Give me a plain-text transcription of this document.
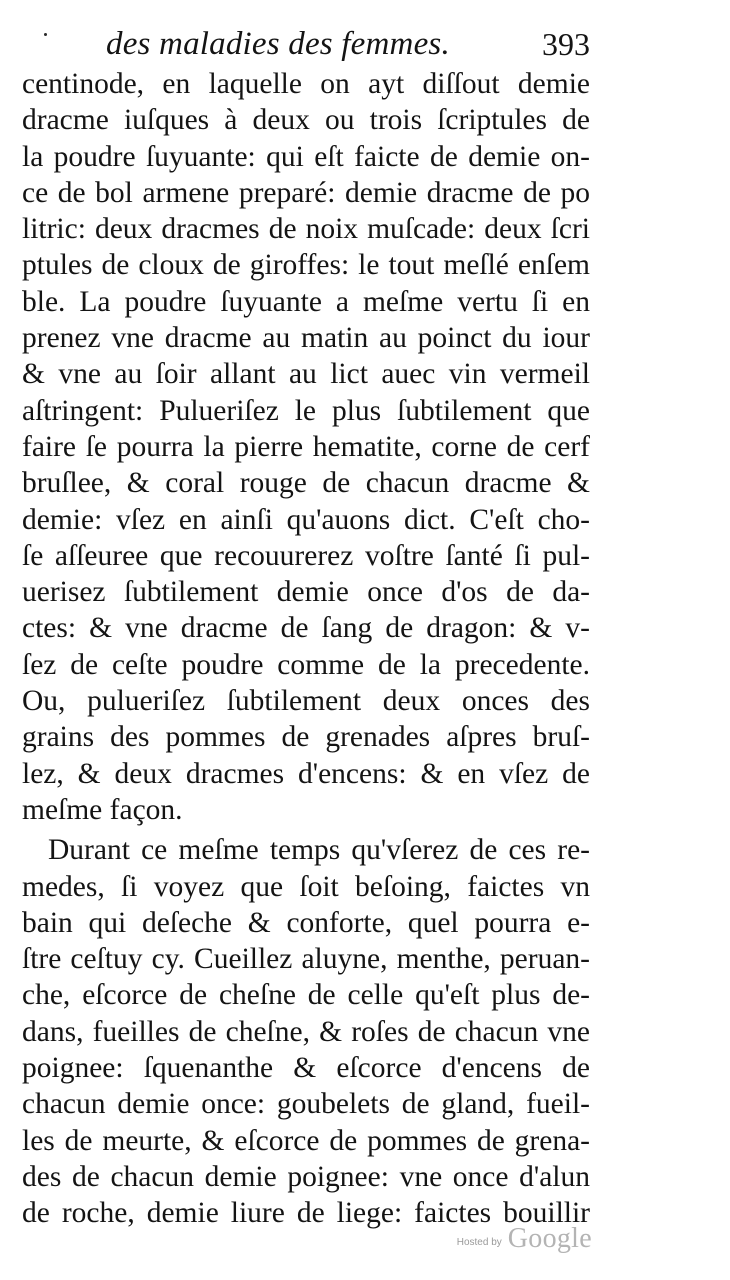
des maladies des femmes.	393
centinode, en laquelle on ayt diſſout demie
dracme iuſques à deux ou trois ſcriptules de
la poudre ſuyuante: qui eſt faicte de demie on-
ce de bol armene preparé: demie dracme de po
litric: deux dracmes de noix muſcade: deux ſcri
ptules de cloux de giroffes: le tout meſlé enſem
ble. La poudre ſuyuante a meſme vertu ſi en
prenez vne dracme au matin au poinct du iour
& vne au ſoir allant au lict auec vin vermeil
aſtringent: Pulueriſez le plus ſubtilement que
faire ſe pourra la pierre hematite, corne de cerf
bruſlee, & coral rouge de chacun dracme &
demie: vſez en ainſi qu'auons dict. C'eſt cho-
ſe aſſeuree que recouurerez voſtre ſanté ſi pul-
uerisez ſubtilement demie once d'os de da-
ctes: & vne dracme de ſang de dragon: & v-
ſez de ceſte poudre comme de la precedente.
Ou, pulueriſez ſubtilement deux onces des
grains des pommes de grenades aſpres bruſ-
lez, & deux dracmes d'encens: & en vſez de
meſme façon.
Durant ce meſme temps qu'vſerez de ces re-
medes, ſi voyez que ſoit beſoing, faictes vn
bain qui deſeche & conforte, quel pourra e-
ſtre ceſtuy cy. Cueillez aluyne, menthe, peruan-
che, eſcorce de cheſne de celle qu'eſt plus de-
dans, fueilles de cheſne, & roſes de chacun vne
poignee: ſquenanthe & eſcorce d'encens de
chacun demie once: goubelets de gland, fueil-
les de meurte, & eſcorce de pommes de grena-
des de chacun demie poignee: vne once d'alun
de roche, demie liure de liege: faictes bouillir
Hosted by Google
